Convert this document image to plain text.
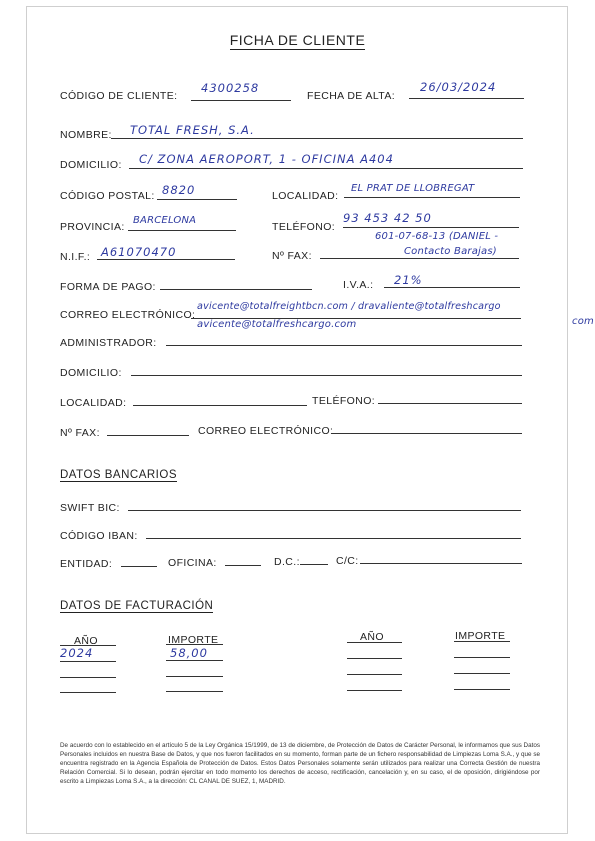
FICHA DE CLIENTE
CÓDIGO DE CLIENTE:
4300258
FECHA DE ALTA:
26/03/2024
NOMBRE: TOTAL FRESH, S.A.
DOMICILIO: C/ ZONA AEROPORT, 1 - OFICINA A404
CÓDIGO POSTAL: 8820	LOCALIDAD:
EL PRAT DE LLOBREGAT
PROVINCIA:
BARCELONA
TELÉFONO:
93 453 42 50
601-07-68-13 (DANIEL -
Contacto Barajas)
N.I.F.: A61070470	Nº FAX:
FORMA DE PAGO:	I.V.A.: 21%
CORREO ELECTRÓNICO:
avicente@totalfreightbcn.com / dravaliente@totalfreshcargo
com
avicente@totalfreshcargo.com
ADMINISTRADOR:
DOMICILIO:
LOCALIDAD:	TELÉFONO:
Nº FAX:	CORREO ELECTRÓNICO:
DATOS BANCARIOS
SWIFT BIC:
CÓDIGO IBAN:
ENTIDAD:	OFICINA:	D.C.:	C/C:
DATOS DE FACTURACIÓN
AÑO	IMPORTE
2024	58,00
AÑO	IMPORTE
De acuerdo con lo establecido en el artículo 5 de la Ley Orgánica 15/1999, de 13 de diciembre, de Protección de Datos de Carácter Personal, le informamos que sus Datos Personales incluidos en nuestra Base de Datos, y que nos fueron facilitados en su momento, forman parte de un fichero responsabilidad de Limpiezas Loma S.A., y que se encuentra registrado en la Agencia Española de Protección de Datos. Estos Datos Personales solamente serán utilizados para realizar una Correcta Gestión de nuestra Relación Comercial. Si lo desean, podrán ejercitar en todo momento los derechos de acceso, rectificación, cancelación y, en su caso, el de oposición, dirigiéndose por escrito a Limpiezas Loma S.A., a la dirección: CL CANAL DE SUEZ, 1, MADRID.
